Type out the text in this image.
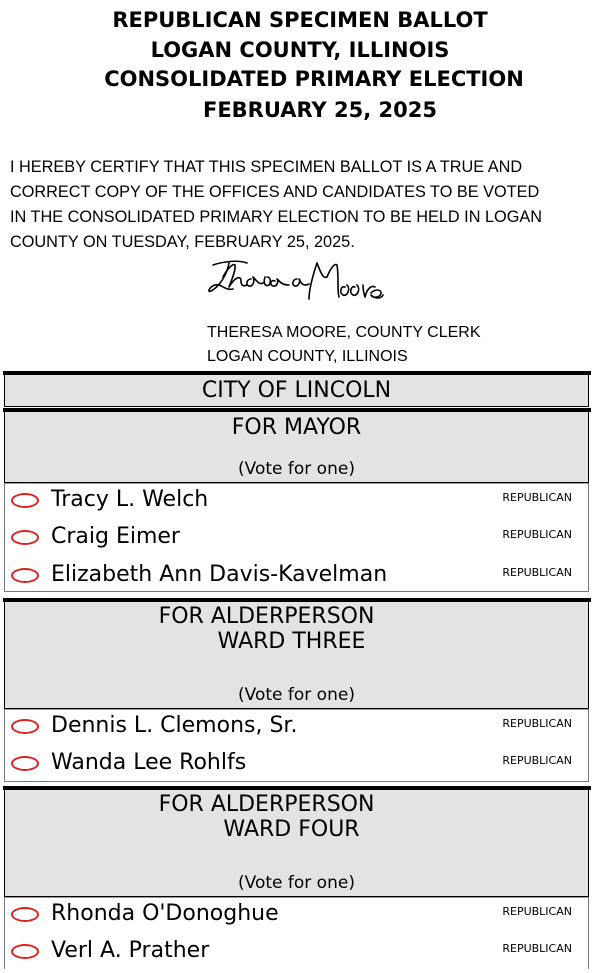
REPUBLICAN SPECIMEN BALLOT
LOGAN COUNTY, ILLINOIS
CONSOLIDATED PRIMARY ELECTION
FEBRUARY 25, 2025
I HEREBY CERTIFY THAT THIS SPECIMEN BALLOT IS A TRUE AND
CORRECT COPY OF THE OFFICES AND CANDIDATES TO BE VOTED
IN THE CONSOLIDATED PRIMARY ELECTION TO BE HELD IN LOGAN
COUNTY ON TUESDAY, FEBRUARY 25, 2025.
THERESA MOORE, COUNTY CLERK
LOGAN COUNTY, ILLINOIS
CITY OF LINCOLN
FOR MAYOR
(Vote for one)
Tracy L. Welch	REPUBLICAN
Craig Eimer	REPUBLICAN
Elizabeth Ann Davis-Kavelman	REPUBLICAN
FOR ALDERPERSON
WARD THREE
(Vote for one)
Dennis L. Clemons, Sr.	REPUBLICAN
Wanda Lee Rohlfs	REPUBLICAN
FOR ALDERPERSON
WARD FOUR
(Vote for one)
Rhonda O'Donoghue	REPUBLICAN
Verl A. Prather	REPUBLICAN
